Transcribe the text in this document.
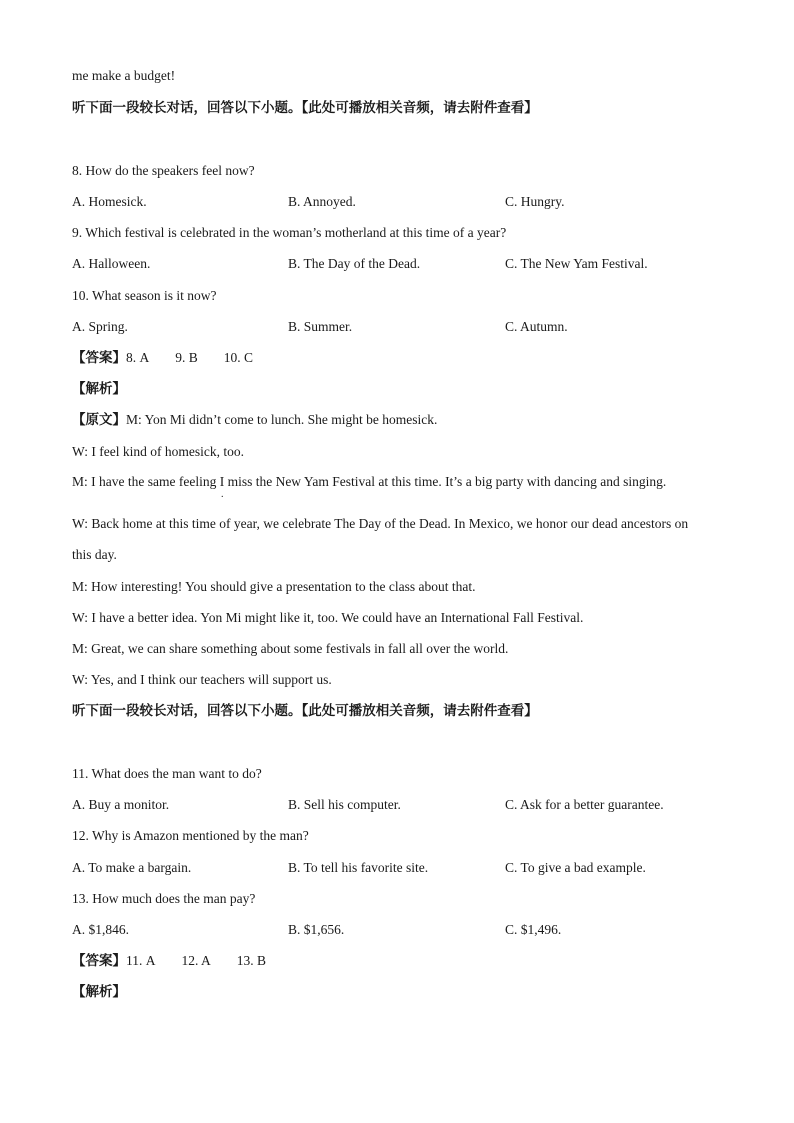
me make a budget!
听下面一段较长对话，回答以下小题。【此处可播放相关音频，请去附件查看】
8. How do the speakers feel now?
A. Homesick.	B. Annoyed.	C. Hungry.
9. Which festival is celebrated in the woman’s motherland at this time of a year?
A. Halloween.	B. The Day of the Dead.	C. The New Yam Festival.
10. What season is it now?
A. Spring.	B. Summer.	C. Autumn.
【答案】8. A 9. B 10. C
【解析】
【原文】M: Yon Mi didn’t come to lunch. She might be homesick.
W: I feel kind of homesick, too.
M: I have the same feeling I miss the New Yam Festival at this time. It’s a big party with dancing and singing.
.
W: Back home at this time of year, we celebrate The Day of the Dead. In Mexico, we honor our dead ancestors on
this day.
M: How interesting! You should give a presentation to the class about that.
W: I have a better idea. Yon Mi might like it, too. We could have an International Fall Festival.
M: Great, we can share something about some festivals in fall all over the world.
W: Yes, and I think our teachers will support us.
听下面一段较长对话，回答以下小题。【此处可播放相关音频，请去附件查看】
11. What does the man want to do?
A. Buy a monitor.	B. Sell his computer.	C. Ask for a better guarantee.
12. Why is Amazon mentioned by the man?
A. To make a bargain.	B. To tell his favorite site.	C. To give a bad example.
13. How much does the man pay?
A. $1,846.	B. $1,656.	C. $1,496.
【答案】11. A 12. A 13. B
【解析】
